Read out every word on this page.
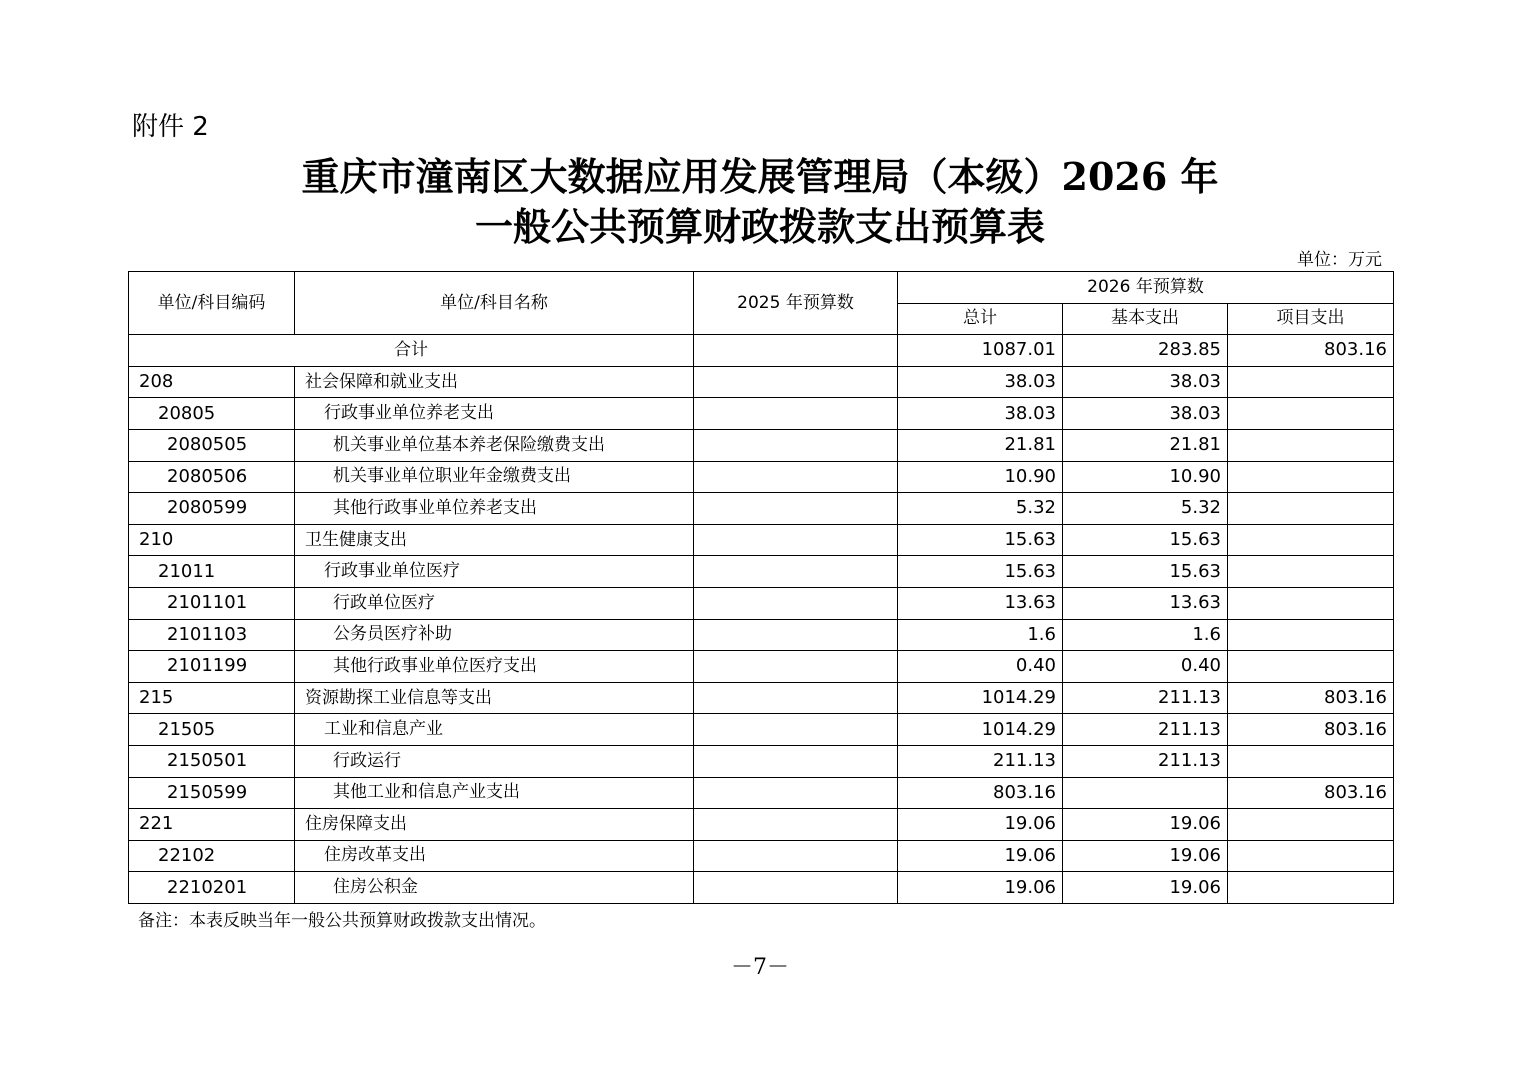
附件 2
重庆市潼南区大数据应用发展管理局（本级）2026 年
一般公共预算财政拨款支出预算表
单位：万元
单位/科目编码	单位/科目名称	2025 年预算数	2026 年预算数		
			总计	基本支出	项目支出
合计			1087.01	283.85	803.16
208	社会保障和就业支出		38.03	38.03	
20805	行政事业单位养老支出		38.03	38.03	
2080505	机关事业单位基本养老保险缴费支出		21.81	21.81	
2080506	机关事业单位职业年金缴费支出		10.90	10.90	
2080599	其他行政事业单位养老支出		5.32	5.32	
210	卫生健康支出		15.63	15.63	
21011	行政事业单位医疗		15.63	15.63	
2101101	行政单位医疗		13.63	13.63	
2101103	公务员医疗补助		1.6	1.6	
2101199	其他行政事业单位医疗支出		0.40	0.40	
215	资源勘探工业信息等支出		1014.29	211.13	803.16
21505	工业和信息产业		1014.29	211.13	803.16
2150501	行政运行		211.13	211.13	
2150599	其他工业和信息产业支出		803.16		803.16
221	住房保障支出		19.06	19.06	
22102	住房改革支出		19.06	19.06	
2210201	住房公积金		19.06	19.06	
备注：本表反映当年一般公共预算财政拨款支出情况。
－7－
